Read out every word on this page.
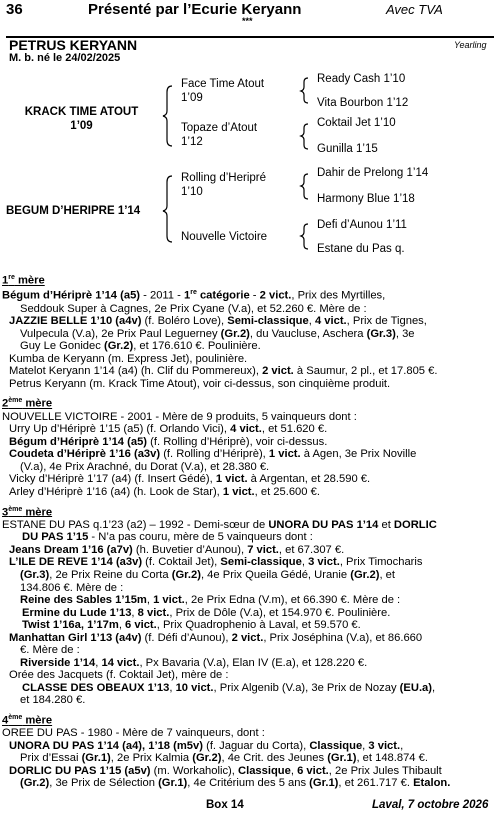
36	Présenté par l’Ecurie Keryann	Avec TVA
***
PETRUS KERYANN	Yearling
M. b. né le 24/02/2025
KRACK TIME ATOUT
1’09
BEGUM D’HERIPRE 1’14
Face Time Atout
1’09
Topaze d’Atout
1’12
Rolling d’Heripré
1’10
Nouvelle Victoire
Ready Cash 1’10
Vita Bourbon 1’12
Coktail Jet 1’10
Gunilla 1’15
Dahir de Prelong 1’14
Harmony Blue 1’18
Defi d’Aunou 1’11
Estane du Pas q.

1re mère

Bégum d’Hériprè 1’14 (a5) - 2011 - 1re catégorie - 2 vict., Prix des Myrtilles,

Seddouk Super à Cagnes, 2e Prix Cyane (V.a), et 52.260 €. Mère de :

JAZZIE BELLE 1’10 (a4v) (f. Boléro Love), Semi-classique, 4 vict., Prix de Tignes,

Vulpecula (V.a), 2e Prix Paul Leguerney (Gr.2), du Vaucluse, Aschera (Gr.3), 3e

Guy Le Gonidec (Gr.2), et 176.610 €. Poulinière.

Kumba de Keryann (m. Express Jet), poulinière.

Matelot Keryann 1’14 (a4) (h. Clif du Pommereux), 2 vict. à Saumur, 2 pl., et 17.805 €.

Petrus Keryann (m. Krack Time Atout), voir ci-dessus, son cinquième produit.

2ème mère

NOUVELLE VICTOIRE - 2001 - Mère de 9 produits, 5 vainqueurs dont :

Urry Up d’Hériprè 1’15 (a5) (f. Orlando Vici), 4 vict., et 51.620 €.

Bégum d’Hériprè 1’14 (a5) (f. Rolling d’Hériprè), voir ci-dessus.

Coudeta d’Hériprè 1’16 (a3v) (f. Rolling d’Hériprè), 1 vict. à Agen, 3e Prix Noville

(V.a), 4e Prix Arachné, du Dorat (V.a), et 28.380 €.

Vicky d’Hériprè 1’17 (a4) (f. Insert Gédé), 1 vict. à Argentan, et 28.590 €.

Arley d’Hériprè 1’16 (a4) (h. Look de Star), 1 vict., et 25.600 €.

3ème mère

ESTANE DU PAS q.1’23 (a2) – 1992 - Demi-sœur de UNORA DU PAS 1’14 et DORLIC

DU PAS 1’15 - N’a pas couru, mère de 5 vainqueurs dont :

Jeans Dream 1’16 (a7v) (h. Buvetier d’Aunou), 7 vict., et 67.307 €.

L’ILE DE REVE 1’14 (a3v) (f. Coktail Jet), Semi-classique, 3 vict., Prix Timocharis

(Gr.3), 2e Prix Reine du Corta (Gr.2), 4e Prix Queila Gédé, Uranie (Gr.2), et

134.806 €. Mère de :

Reine des Sables 1’15m, 1 vict., 2e Prix Edna (V.m), et 66.390 €. Mère de :

Ermine du Lude 1’13, 8 vict., Prix de Dôle (V.a), et 154.970 €. Poulinière.

Twist 1’16a, 1’17m, 6 vict., Prix Quadrophenio à Laval, et 59.570 €.

Manhattan Girl 1’13 (a4v) (f. Défi d’Aunou), 2 vict., Prix Joséphina (V.a), et 86.660

€. Mère de :

Riverside 1’14, 14 vict., Px Bavaria (V.a), Elan IV (E.a), et 128.220 €.

Orée des Jacquets (f. Coktail Jet), mère de :

CLASSE DES OBEAUX 1’13, 10 vict., Prix Algenib (V.a), 3e Prix de Nozay (EU.a),

et 184.280 €.

4ème mère

OREE DU PAS - 1980 - Mère de 7 vainqueurs, dont :

UNORA DU PAS 1’14 (a4), 1’18 (m5v) (f. Jaguar du Corta), Classique, 3 vict.,

Prix d’Essai (Gr.1), 2e Prix Kalmia (Gr.2), 4e Crit. des Jeunes (Gr.1), et 148.874 €.

DORLIC DU PAS 1’15 (a5v) (m. Workaholic), Classique, 6 vict., 2e Prix Jules Thibault

(Gr.2), 3e Prix de Sélection (Gr.1), 4e Critérium des 5 ans (Gr.1), et 261.717 €. Etalon.

Box 14	Laval, 7 octobre 2026
